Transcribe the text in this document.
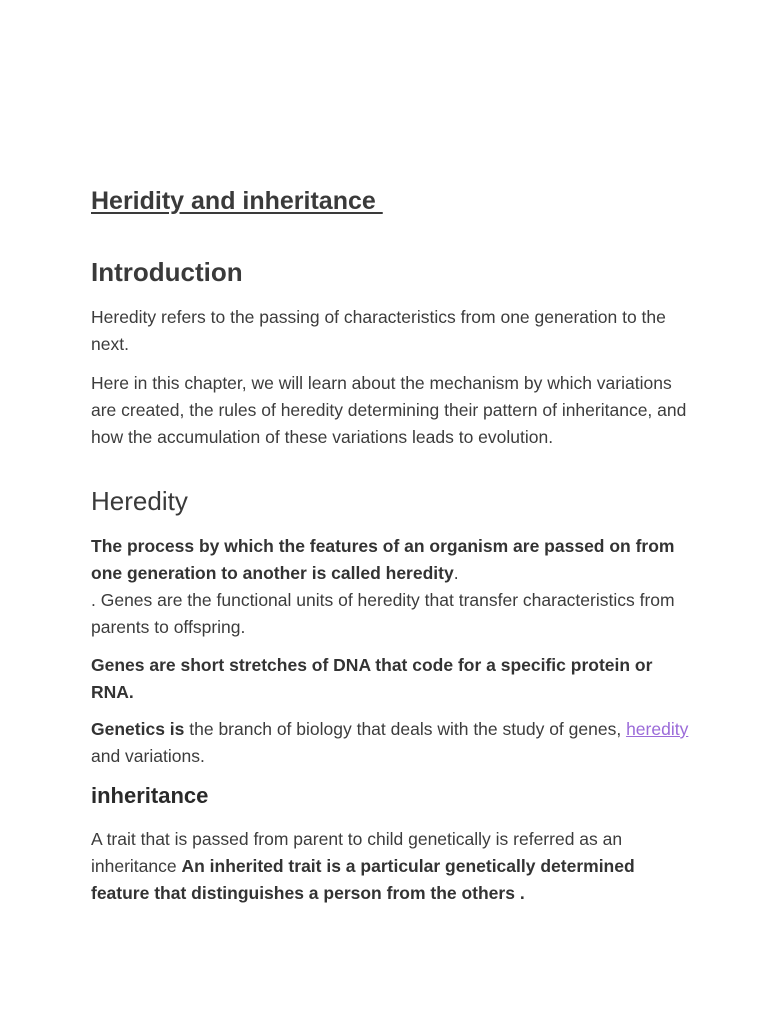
Heridity and inheritance
Introduction

Heredity refers to the passing of characteristics from one generation to the next.

Here in this chapter, we will learn about the mechanism by which variations are created, the rules of heredity determining their pattern of inheritance, and how the accumulation of these variations leads to evolution.

Heredity

The process by which the features of an organism are passed on from one generation to another is called heredity.

. Genes are the functional units of heredity that transfer characteristics from parents to offspring.

Genes are short stretches of DNA that code for a specific protein or RNA.

Genetics is the branch of biology that deals with the study of genes, heredity and variations.

inheritance

A trait that is passed from parent to child genetically is referred as an inheritance An inherited trait is a particular genetically determined feature that distinguishes a person from the others .
